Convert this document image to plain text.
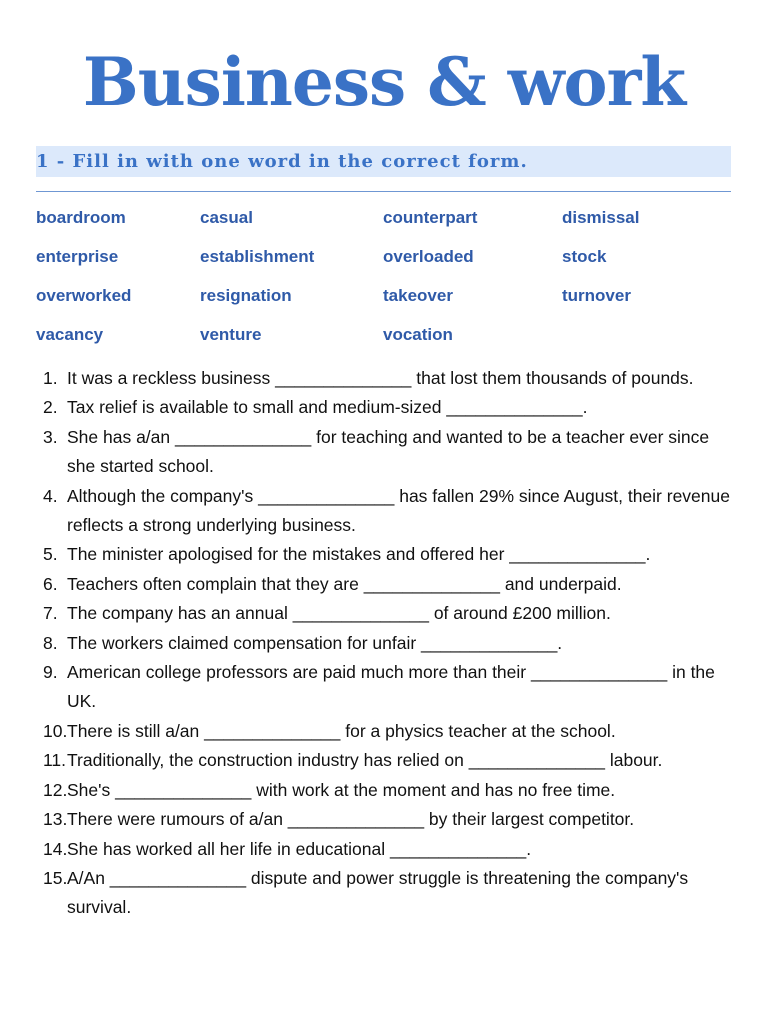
Business & work
1 - Fill in with one word in the correct form.
boardroom	casual	counterpart	dismissal
enterprise	establishment	overloaded	stock
overworked	resignation	takeover	turnover
vacancy	venture	vocation
1. It was a reckless business ______________ that lost them thousands of pounds.
2. Tax relief is available to small and medium-sized ______________.
3. She has a/an ______________ for teaching and wanted to be a teacher ever since she started school.
4. Although the company's ______________ has fallen 29% since August, their revenue reflects a strong underlying business.
5. The minister apologised for the mistakes and offered her ______________.
6. Teachers often complain that they are ______________ and underpaid.
7. The company has an annual ______________ of around £200 million.
8. The workers claimed compensation for unfair ______________.
9. American college professors are paid much more than their ______________ in the UK.
10. There is still a/an ______________ for a physics teacher at the school.
11. Traditionally, the construction industry has relied on ______________ labour.
12. She's ______________ with work at the moment and has no free time.
13. There were rumours of a/an ______________ by their largest competitor.
14. She has worked all her life in educational ______________.
15. A/An ______________ dispute and power struggle is threatening the company's survival.
